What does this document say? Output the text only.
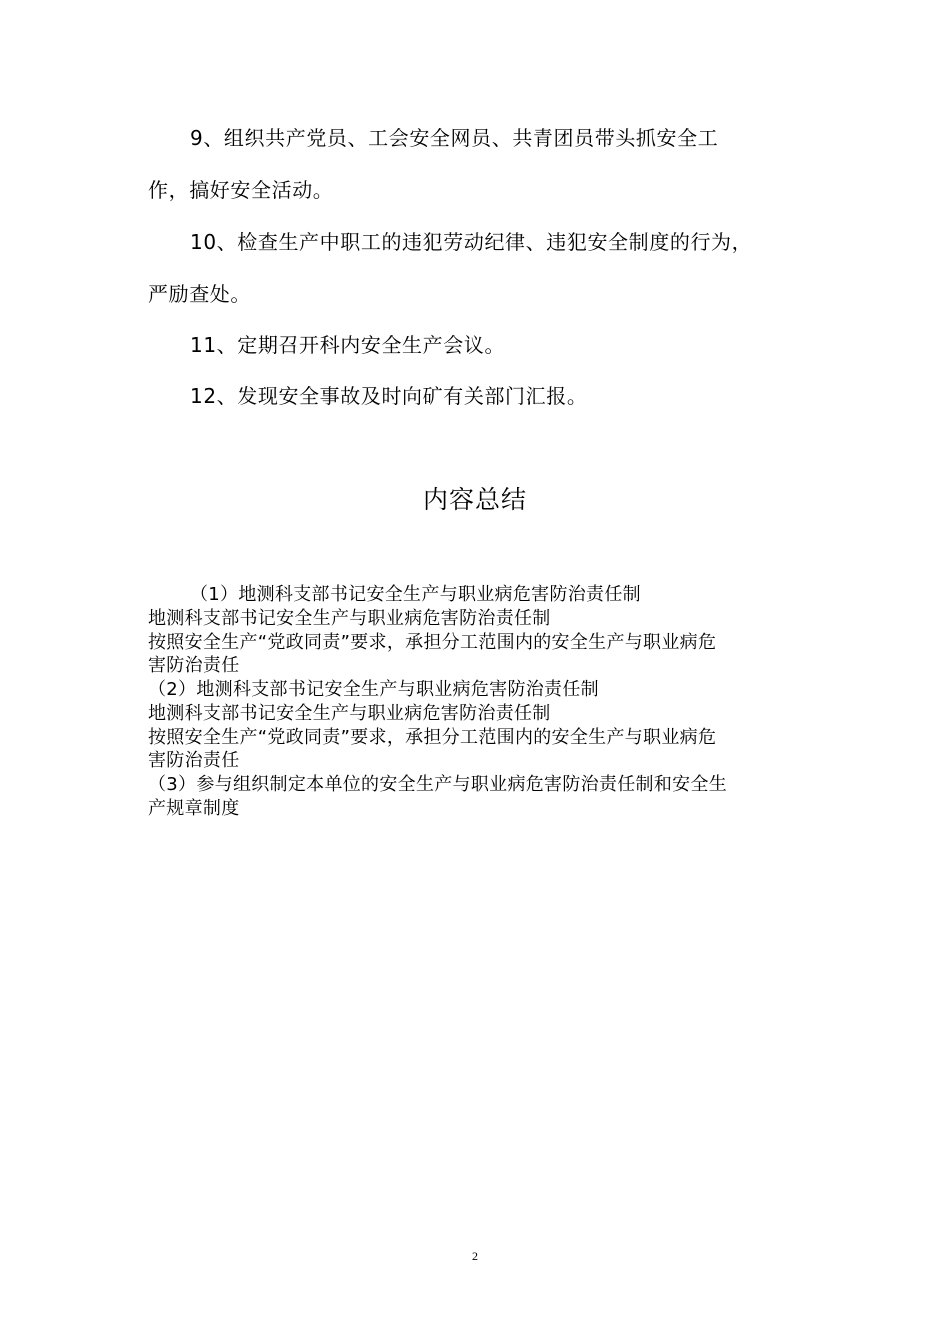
9、组织共产党员、工会安全网员、共青团员带头抓安全工
作，搞好安全活动。
10、检查生产中职工的违犯劳动纪律、违犯安全制度的行为，
严励查处。
11、定期召开科内安全生产会议。
12、发现安全事故及时向矿有关部门汇报。
内容总结
（1）地测科支部书记安全生产与职业病危害防治责任制
地测科支部书记安全生产与职业病危害防治责任制
按照安全生产“党政同责”要求，承担分工范围内的安全生产与职业病危
害防治责任
（2）地测科支部书记安全生产与职业病危害防治责任制
地测科支部书记安全生产与职业病危害防治责任制
按照安全生产“党政同责”要求，承担分工范围内的安全生产与职业病危
害防治责任
（3）参与组织制定本单位的安全生产与职业病危害防治责任制和安全生
产规章制度
2
